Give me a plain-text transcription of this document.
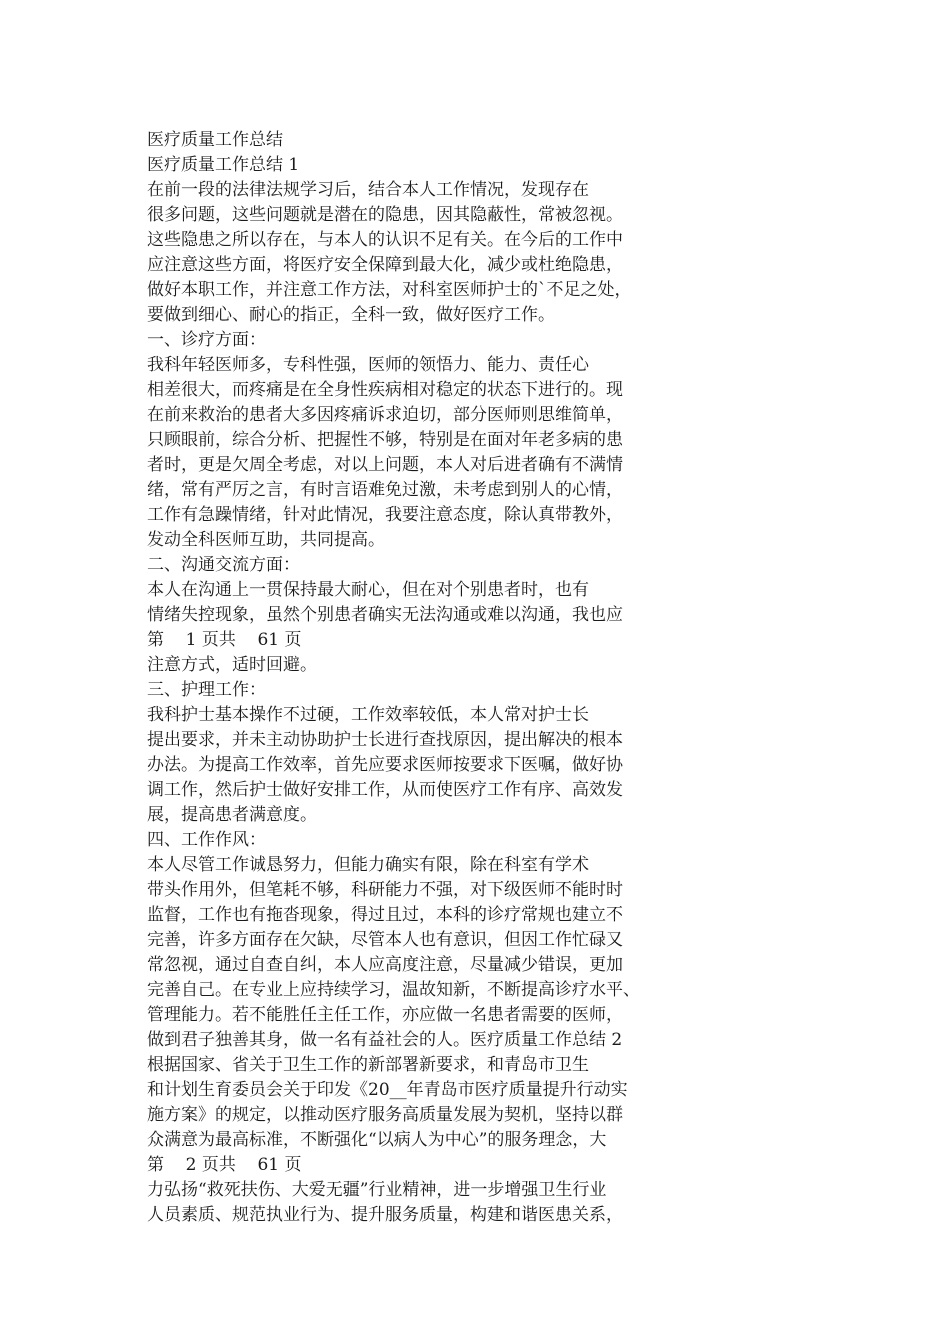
医疗质量工作总结
医疗质量工作总结 1
在前一段的法律法规学习后，结合本人工作情况，发现存在
很多问题，这些问题就是潜在的隐患，因其隐蔽性，常被忽视。
这些隐患之所以存在，与本人的认识不足有关。在今后的工作中
应注意这些方面，将医疗安全保障到最大化，减少或杜绝隐患，
做好本职工作，并注意工作方法，对科室医师护士的`不足之处，
要做到细心、耐心的指正，全科一致，做好医疗工作。
一、诊疗方面：
我科年轻医师多，专科性强，医师的领悟力、能力、责任心
相差很大，而疼痛是在全身性疾病相对稳定的状态下进行的。现
在前来救治的患者大多因疼痛诉求迫切，部分医师则思维简单，
只顾眼前，综合分析、把握性不够，特别是在面对年老多病的患
者时，更是欠周全考虑，对以上问题，本人对后进者确有不满情
绪，常有严厉之言，有时言语难免过激，未考虑到别人的心情，
工作有急躁情绪，针对此情况，我要注意态度，除认真带教外，
发动全科医师互助，共同提高。
二、沟通交流方面：
本人在沟通上一贯保持最大耐心，但在对个别患者时，也有
情绪失控现象，虽然个别患者确实无法沟通或难以沟通，我也应
第    1 页共    61 页
注意方式，适时回避。
三、护理工作：
我科护士基本操作不过硬，工作效率较低，本人常对护士长
提出要求，并未主动协助护士长进行查找原因，提出解决的根本
办法。为提高工作效率，首先应要求医师按要求下医嘱，做好协
调工作，然后护士做好安排工作，从而使医疗工作有序、高效发
展，提高患者满意度。
四、工作作风：
本人尽管工作诚恳努力，但能力确实有限，除在科室有学术
带头作用外，但笔耗不够，科研能力不强，对下级医师不能时时
监督，工作也有拖沓现象，得过且过，本科的诊疗常规也建立不
完善，许多方面存在欠缺，尽管本人也有意识，但因工作忙碌又
常忽视，通过自查自纠，本人应高度注意，尽量减少错误，更加
完善自己。在专业上应持续学习，温故知新，不断提高诊疗水平、
管理能力。若不能胜任主任工作，亦应做一名患者需要的医师，
做到君子独善其身，做一名有益社会的人。医疗质量工作总结 2
根据国家、省关于卫生工作的新部署新要求，和青岛市卫生
和计划生育委员会关于印发《20__年青岛市医疗质量提升行动实
施方案》的规定，以推动医疗服务高质量发展为契机，坚持以群
众满意为最高标准，不断强化“以病人为中心”的服务理念，大
第    2 页共    61 页
力弘扬“救死扶伤、大爱无疆”行业精神，进一步增强卫生行业
人员素质、规范执业行为、提升服务质量，构建和谐医患关系，
